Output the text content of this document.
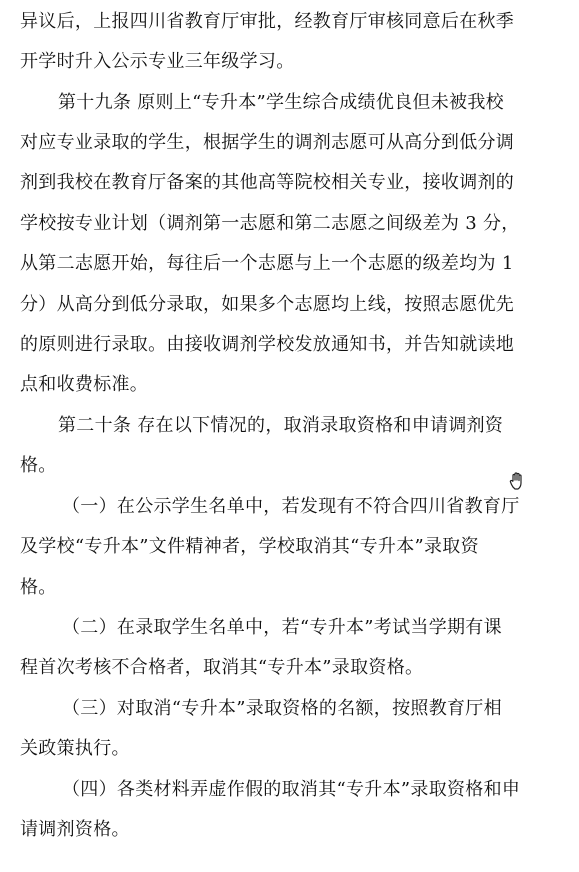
异议后，上报四川省教育厅审批，经教育厅审核同意后在秋季
开学时升入公示专业三年级学习。
第十九条 原则上“专升本”学生综合成绩优良但未被我校
对应专业录取的学生，根据学生的调剂志愿可从高分到低分调
剂到我校在教育厅备案的其他高等院校相关专业，接收调剂的
学校按专业计划（调剂第一志愿和第二志愿之间级差为 3 分，
从第二志愿开始，每往后一个志愿与上一个志愿的级差均为 1
分）从高分到低分录取，如果多个志愿均上线，按照志愿优先
的原则进行录取。由接收调剂学校发放通知书，并告知就读地
点和收费标准。
第二十条 存在以下情况的，取消录取资格和申请调剂资
格。
（一）在公示学生名单中，若发现有不符合四川省教育厅
及学校“专升本”文件精神者，学校取消其“专升本”录取资
格。
（二）在录取学生名单中，若“专升本”考试当学期有课
程首次考核不合格者，取消其“专升本”录取资格。
（三）对取消“专升本”录取资格的名额，按照教育厅相
关政策执行。
（四）各类材料弄虚作假的取消其“专升本”录取资格和申
请调剂资格。
